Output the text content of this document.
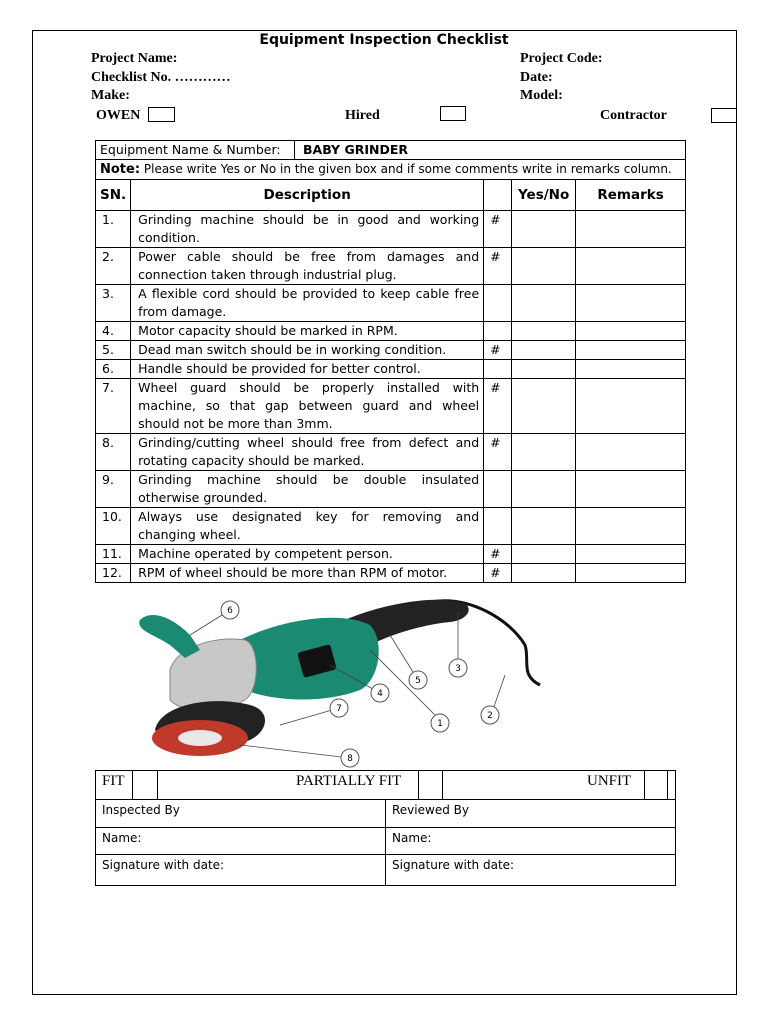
Equipment Inspection Checklist
Project Name:	Project Code:
Checklist No. …………	Date:
Make:	Model:
OWEN	Hired	Contractor
Equipment Name & Number: BABY GRINDER				
Note: Please write Yes or No in the given box and if some comments write in remarks column.				
SN.	Description		Yes/No	Remarks
1.	Grinding machine should be in good and working condition.	#		
2.	Power cable should be free from damages and connection taken through industrial plug.	#		
3.	A flexible cord should be provided to keep cable free from damage.			
4.	Motor capacity should be marked in RPM.			
5.	Dead man switch should be in working condition.	#		
6.	Handle should be provided for better control.			
7.	Wheel guard should be properly installed with machine, so that gap between guard and wheel should not be more than 3mm.	#		
8.	Grinding/cutting wheel should free from defect and rotating capacity should be marked.	#		
9.	Grinding machine should be double insulated otherwise grounded.			
10.	Always use designated key for removing and changing wheel.			
11.	Machine operated by competent person.	#		
12.	RPM of wheel should be more than RPM of motor.	#		
1
2
3
4
5
6
7
8
FIT	PARTIALLY FIT	UNFIT
Inspected By	Reviewed By
Name:	Name:
Signature with date:	Signature with date:
